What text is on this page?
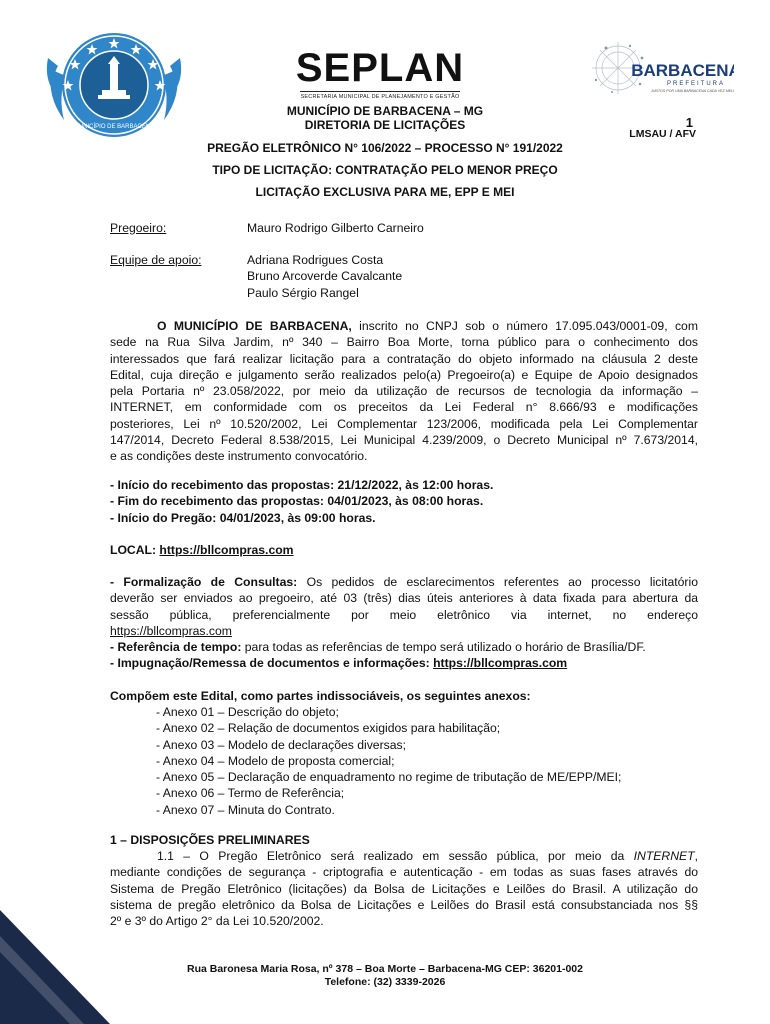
MUNICÍPIO DE BARBACENA
SEPLAN
SECRETARIA MUNICIPAL DE PLANEJAMENTO E GESTÃO
BARBACENA
PREFEITURA
JUNTOS POR UMA BARBACENA CADA VEZ MELHOR
MUNICÍPIO DE BARBACENA – MG
DIRETORIA DE LICITAÇÕES	1
LMSAU / AFV
PREGÃO ELETRÔNICO N° 106/2022 – PROCESSO N° 191/2022
TIPO DE LICITAÇÃO: CONTRATAÇÃO PELO MENOR PREÇO
LICITAÇÃO EXCLUSIVA PARA ME, EPP E MEI
Pregoeiro:	Mauro Rodrigo Gilberto Carneiro
Equipe de apoio:	Adriana Rodrigues Costa
Bruno Arcoverde Cavalcante
Paulo Sérgio Rangel
O MUNICÍPIO DE BARBACENA, inscrito no CNPJ sob o número 17.095.043/0001-09, com
sede na Rua Silva Jardim, nº 340 – Bairro Boa Morte, torna público para o conhecimento dos
interessados que fará realizar licitação para a contratação do objeto informado na cláusula 2 deste
Edital, cuja direção e julgamento serão realizados pelo(a) Pregoeiro(a) e Equipe de Apoio designados
pela Portaria nº 23.058/2022, por meio da utilização de recursos de tecnologia da informação –
INTERNET, em conformidade com os preceitos da Lei Federal n° 8.666/93 e modificações
posteriores, Lei nº 10.520/2002, Lei Complementar 123/2006, modificada pela Lei Complementar
147/2014, Decreto Federal 8.538/2015, Lei Municipal 4.239/2009, o Decreto Municipal nº 7.673/2014,
e as condições deste instrumento convocatório.
- Início do recebimento das propostas: 21/12/2022, às 12:00 horas.
- Fim do recebimento das propostas: 04/01/2023, às 08:00 horas.
- Início do Pregão: 04/01/2023, às 09:00 horas.
LOCAL: https://bllcompras.com
- Formalização de Consultas: Os pedidos de esclarecimentos referentes ao processo licitatório
deverão ser enviados ao pregoeiro, até 03 (três) dias úteis anteriores à data fixada para abertura da
sessão pública, preferencialmente por meio eletrônico via internet, no endereço
https://bllcompras.com
- Referência de tempo: para todas as referências de tempo será utilizado o horário de Brasília/DF.
- Impugnação/Remessa de documentos e informações: https://bllcompras.com
Compõem este Edital, como partes indissociáveis, os seguintes anexos:
- Anexo 01 – Descrição do objeto;
- Anexo 02 – Relação de documentos exigidos para habilitação;
- Anexo 03 – Modelo de declarações diversas;
- Anexo 04 – Modelo de proposta comercial;
- Anexo 05 – Declaração de enquadramento no regime de tributação de ME/EPP/MEI;
- Anexo 06 – Termo de Referência;
- Anexo 07 – Minuta do Contrato.
1 – DISPOSIÇÕES PRELIMINARES
1.1 – O Pregão Eletrônico será realizado em sessão pública, por meio da INTERNET,
mediante condições de segurança - criptografia e autenticação - em todas as suas fases através do
Sistema de Pregão Eletrônico (licitações) da Bolsa de Licitações e Leilões do Brasil. A utilização do
sistema de pregão eletrônico da Bolsa de Licitações e Leilões do Brasil está consubstanciada nos §§
2º e 3º do Artigo 2° da Lei 10.520/2002.
Rua Baronesa Maria Rosa, nº 378 – Boa Morte – Barbacena-MG CEP: 36201-002
Telefone: (32) 3339-2026
